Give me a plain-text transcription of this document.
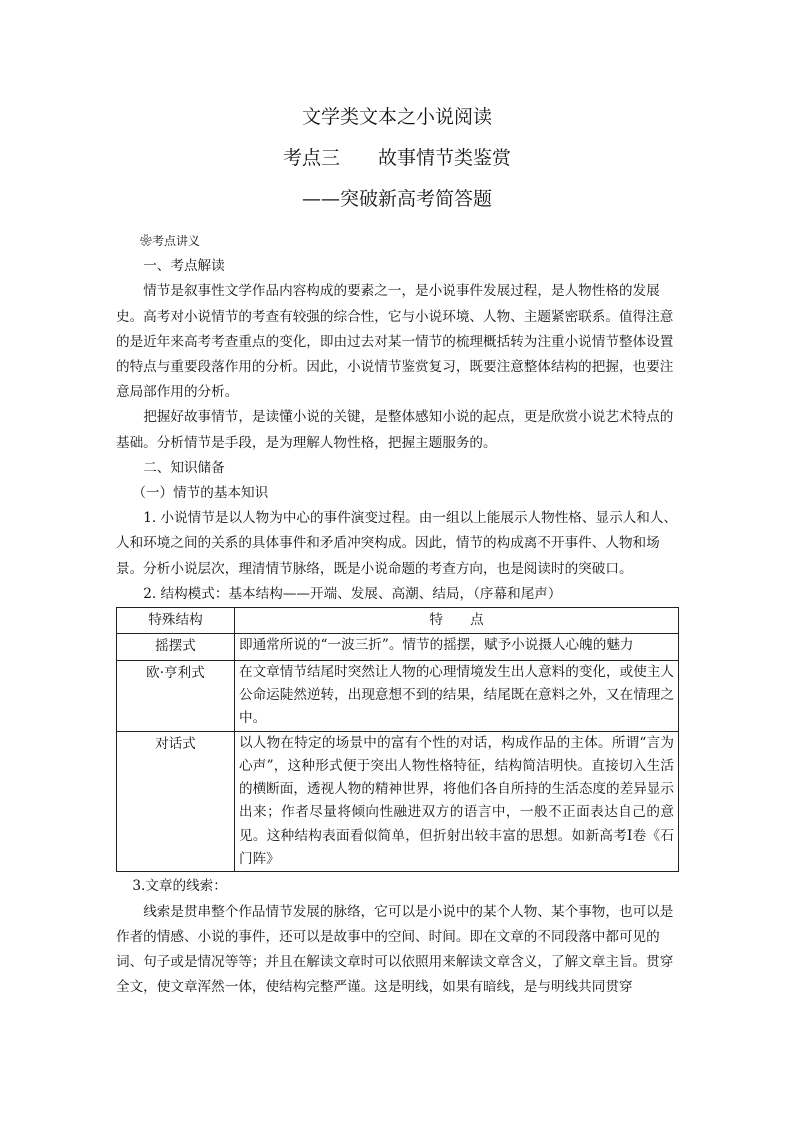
文学类文本之小说阅读
考点三　　故事情节类鉴赏
——突破新高考简答题

❀考点讲义

一、考点解读

情节是叙事性文学作品内容构成的要素之一，是小说事件发展过程，是人物性格的发展史。高考对小说情节的考查有较强的综合性，它与小说环境、人物、主题紧密联系。值得注意的是近年来高考考查重点的变化，即由过去对某一情节的梳理概括转为注重小说情节整体设置的特点与重要段落作用的分析。因此，小说情节鉴赏复习，既要注意整体结构的把握，也要注意局部作用的分析。

把握好故事情节，是读懂小说的关键，是整体感知小说的起点，更是欣赏小说艺术特点的基础。分析情节是手段，是为理解人物性格，把握主题服务的。

二、知识储备

（一）情节的基本知识

1. 小说情节是以人物为中心的事件演变过程。由一组以上能展示人物性格、显示人和人、人和环境之间的关系的具体事件和矛盾冲突构成。因此，情节的构成离不开事件、人物和场景。分析小说层次，理清情节脉络，既是小说命题的考查方向，也是阅读时的突破口。

2. 结构模式：基本结构——开端、发展、高潮、结局，（序幕和尾声）

特殊结构	特　　点
摇摆式	即通常所说的“一波三折”。情节的摇摆，赋予小说摄人心魄的魅力
欧·亨利式	在文章情节结尾时突然让人物的心理情境发生出人意料的变化，或使主人公命运陡然逆转，出现意想不到的结果，结尾既在意料之外，又在情理之中。
对话式	以人物在特定的场景中的富有个性的对话，构成作品的主体。所谓“言为心声”，这种形式便于突出人物性格特征，结构简洁明快。直接切入生活的横断面，透视人物的精神世界，将他们各自所持的生活态度的差异显示出来；作者尽量将倾向性融进双方的语言中，一般不正面表达自己的意见。这种结构表面看似简单，但折射出较丰富的思想。如新高考Ⅰ卷《石门阵》

3.文章的线索：

线索是贯串整个作品情节发展的脉络，它可以是小说中的某个人物、某个事物，也可以是作者的情感、小说的事件，还可以是故事中的空间、时间。即在文章的不同段落中都可见的词、句子或是情况等等；并且在解读文章时可以依照用来解读文章含义，了解文章主旨。贯穿全文，使文章浑然一体，使结构完整严谨。这是明线，如果有暗线，是与明线共同贯穿
